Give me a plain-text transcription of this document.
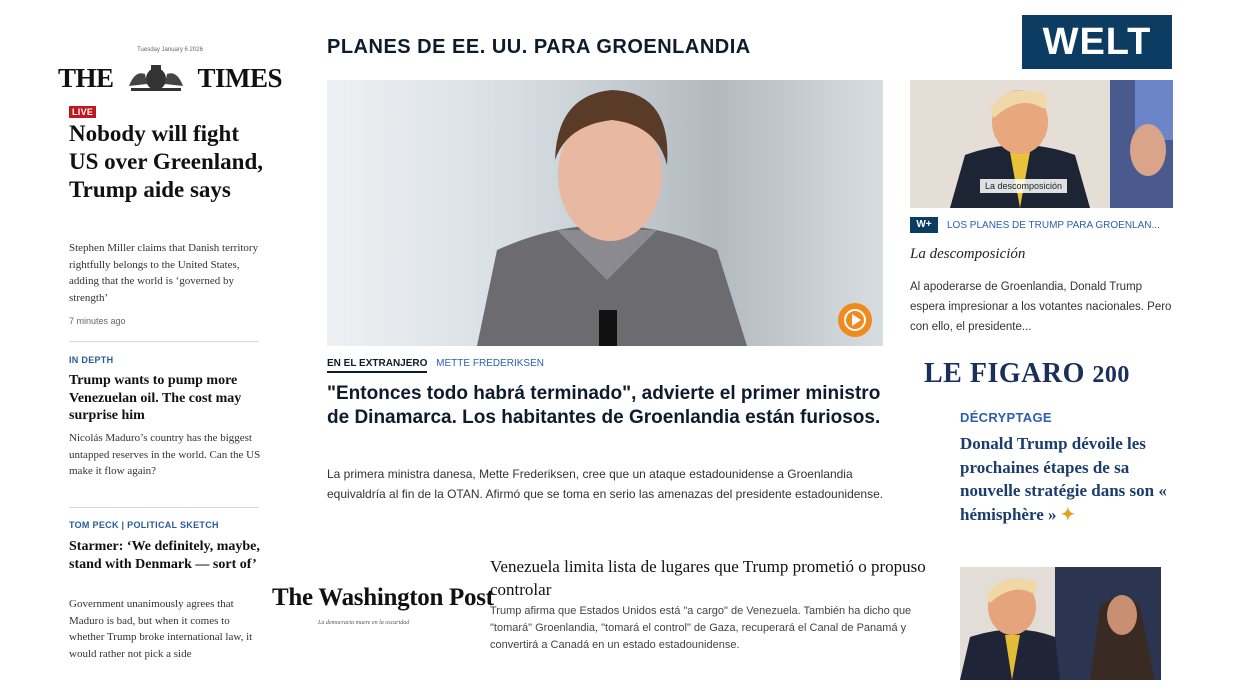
Tuesday January 6 2026
THE	TIMES
LIVE
Nobody will fight US over Greenland, Trump aide says
Stephen Miller claims that Danish territory rightfully belongs to the United States, adding that the world is ‘governed by strength’
7 minutes ago
IN DEPTH
Trump wants to pump more Venezuelan oil. The cost may surprise him
Nicolás Maduro’s country has the biggest untapped reserves in the world. Can the US make it flow again?
TOM PECK | POLITICAL SKETCH
Starmer: ‘We definitely, maybe, stand with Denmark — sort of’
Government unanimously agrees that Maduro is bad, but when it comes to whether Trump broke international law, it would rather not pick a side
PLANES DE EE. UU. PARA GROENLANDIA
EN EL EXTRANJERO METTE FREDERIKSEN
"Entonces todo habrá terminado", advierte el primer ministro de Dinamarca. Los habitantes de Groenlandia están furiosos.
La primera ministra danesa, Mette Frederiksen, cree que un ataque estadounidense a Groenlandia equivaldría al fin de la OTAN. Afirmó que se toma en serio las amenazas del presidente estadounidense.
The Washington Post
La democracia muere en la oscuridad
Venezuela limita lista de lugares que Trump prometió o propuso controlar
Trump afirma que Estados Unidos está "a cargo" de Venezuela. También ha dicho que "tomará" Groenlandia, "tomará el control" de Gaza, recuperará el Canal de Panamá y convertirá a Canadá en un estado estadounidense.
WELT
La descomposición
W+	LOS PLANES DE TRUMP PARA GROENLAN...
La descomposición
Al apoderarse de Groenlandia, Donald Trump espera impresionar a los votantes nacionales. Pero con ello, el presidente...
LE FIGARO 200
DÉCRYPTAGE
Donald Trump dévoile les prochaines étapes de sa nouvelle stratégie dans son « hémisphère » ✦
